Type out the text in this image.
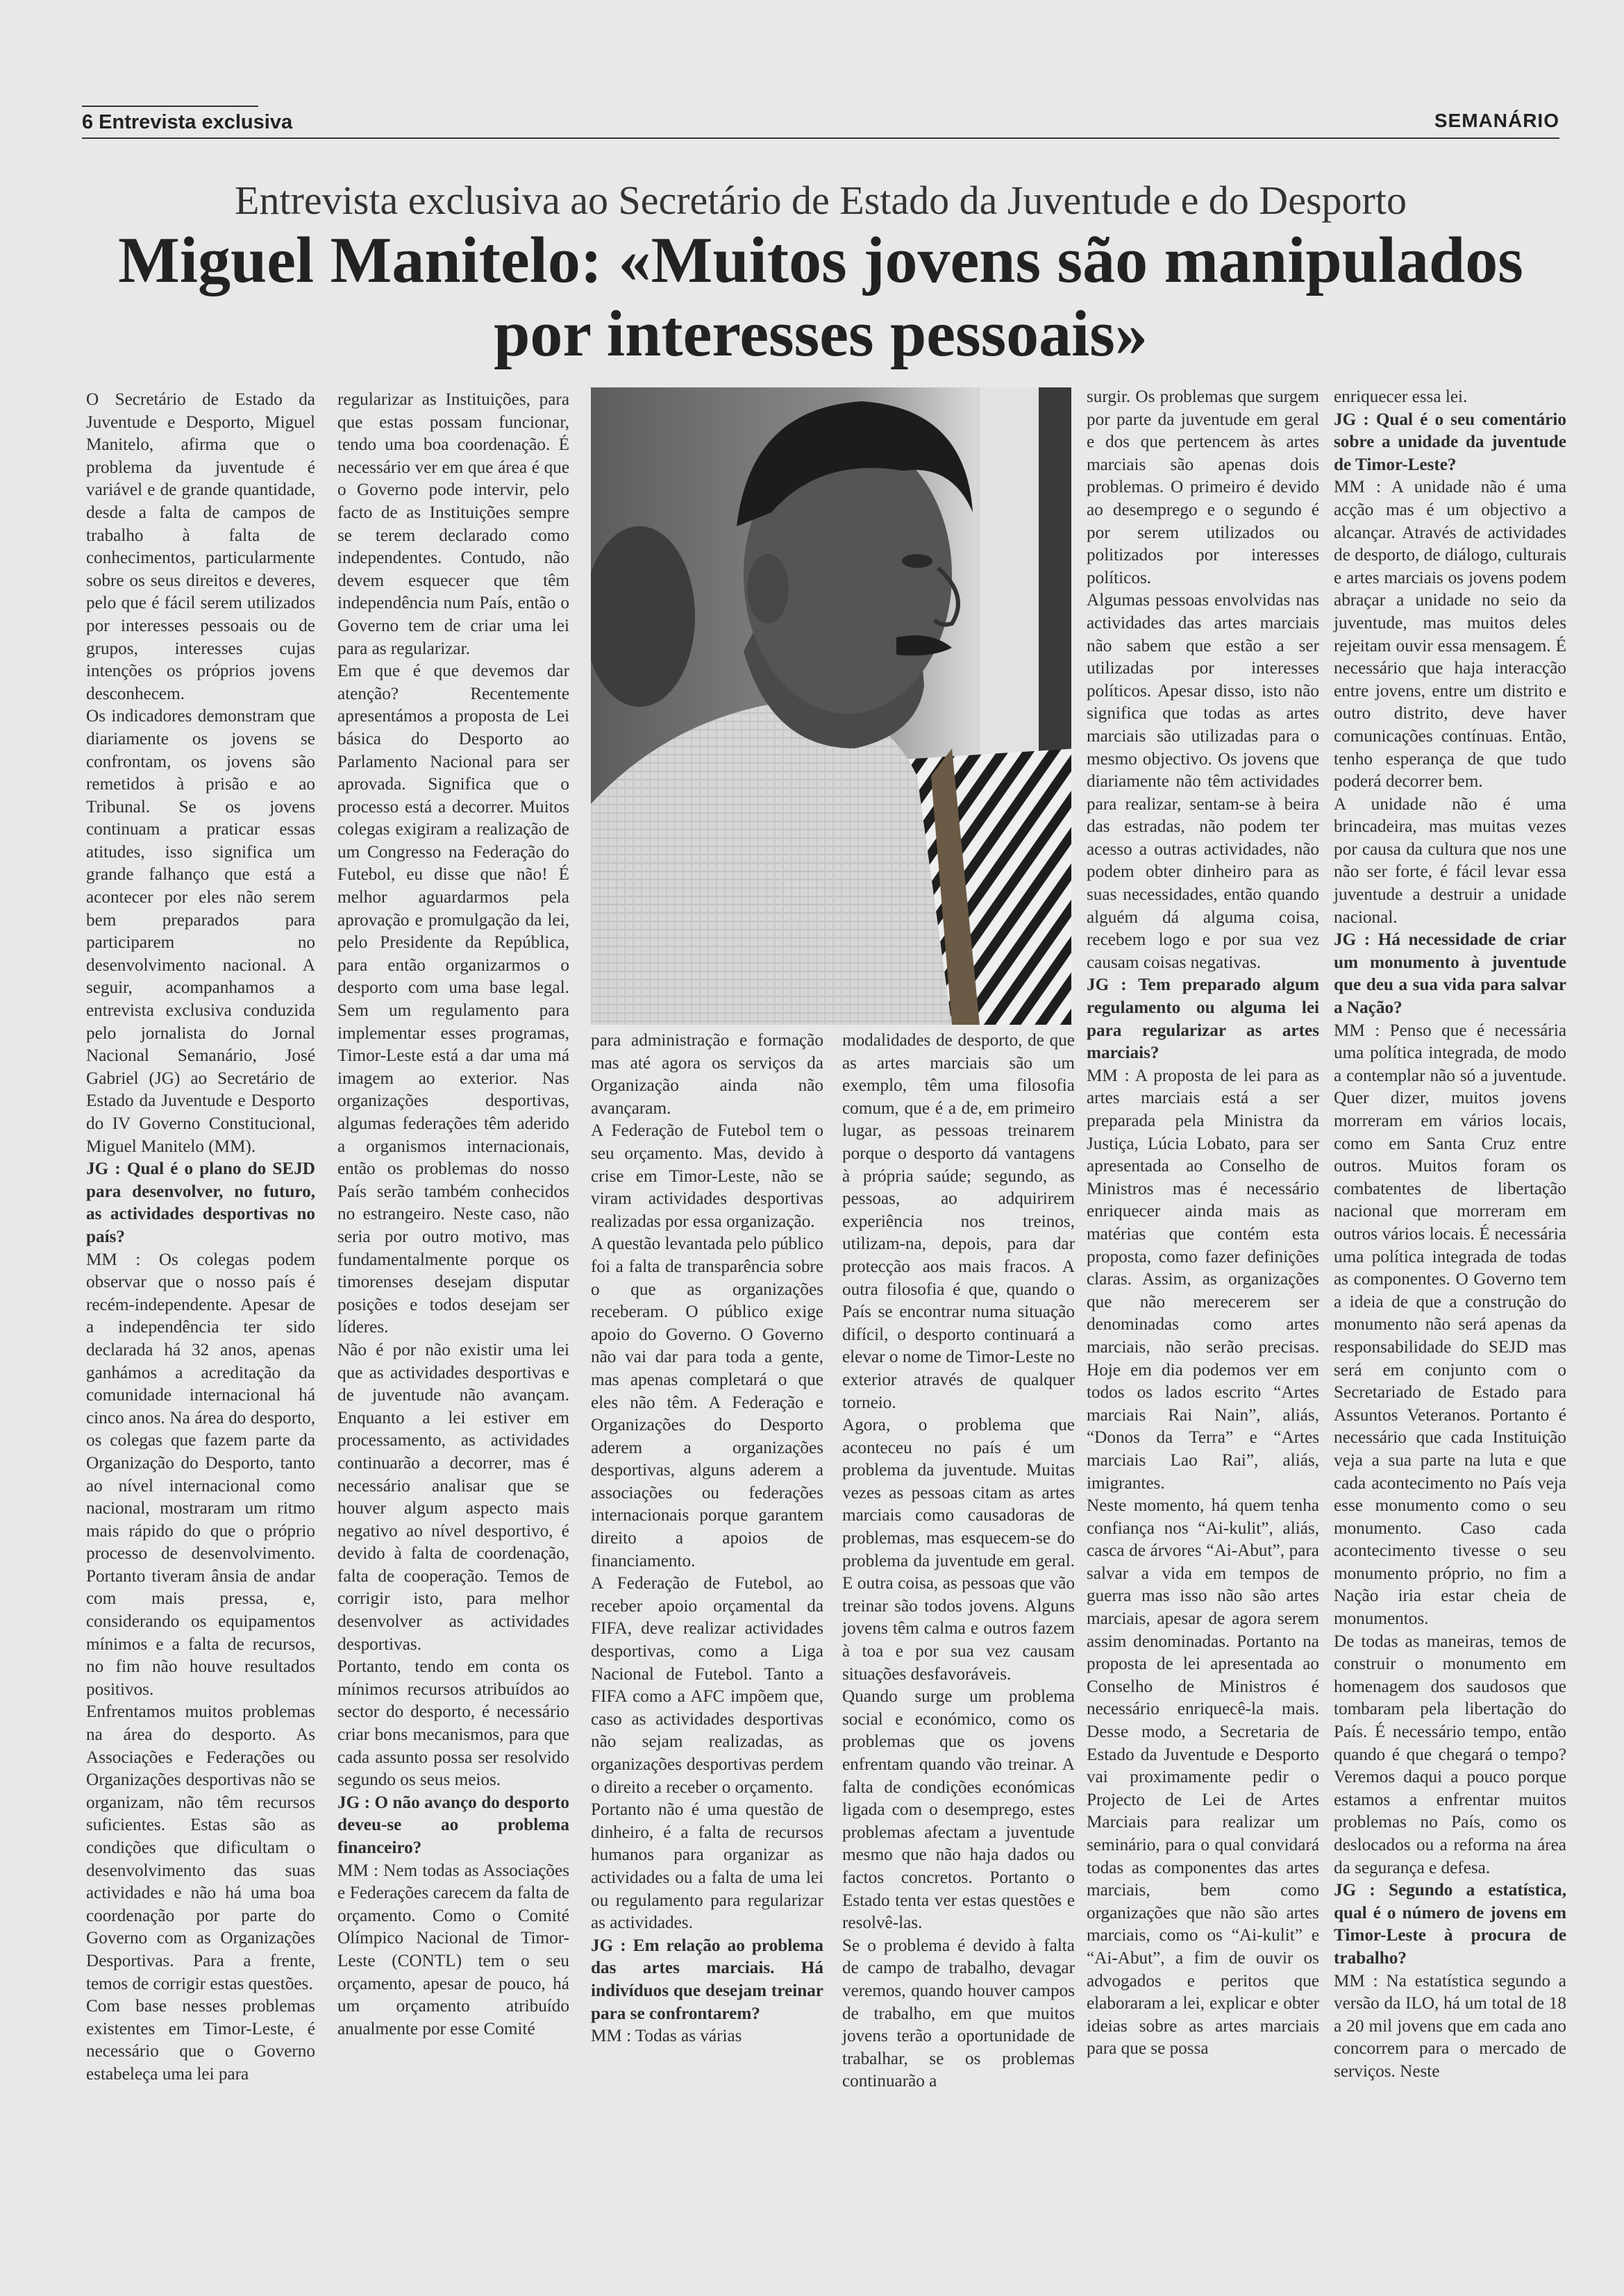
6 Entrevista exclusiva	SEMANÁRIO
Entrevista exclusiva ao Secretário de Estado da Juventude e do Desporto
Miguel Manitelo: «Muitos jovens são manipulados
por interesses pessoais»

O Secretário de Estado da Juventude e Desporto, Miguel Manitelo, afirma que o problema da juventude é variável e de grande quantidade, desde a falta de campos de trabalho à falta de conhecimentos, particularmente sobre os seus direitos e deveres, pelo que é fácil serem utilizados por interesses pessoais ou de grupos, interesses cujas intenções os próprios jovens desconhecem.

Os indicadores demonstram que diariamente os jovens se confrontam, os jovens são remetidos à prisão e ao Tribunal. Se os jovens continuam a praticar essas atitudes, isso significa um grande falhanço que está a acontecer por eles não serem bem preparados para participarem no desenvolvimento nacional. A seguir, acompanhamos a entrevista exclusiva conduzida pelo jornalista do Jornal Nacional Semanário, José Gabriel (JG) ao Secretário de Estado da Juventude e Desporto do IV Governo Constitucional, Miguel Manitelo (MM).

JG : Qual é o plano do SEJD para desenvolver, no futuro, as actividades desportivas no país?

MM : Os colegas podem observar que o nosso país é recém-independente. Apesar de a independência ter sido declarada há 32 anos, apenas ganhámos a acreditação da comunidade internacional há cinco anos. Na área do desporto, os colegas que fazem parte da Organização do Desporto, tanto ao nível internacional como nacional, mostraram um ritmo mais rápido do que o próprio processo de desenvolvimento. Portanto tiveram ânsia de andar com mais pressa, e, considerando os equipamentos mínimos e a falta de recursos, no fim não houve resultados positivos.

Enfrentamos muitos problemas na área do desporto. As Associações e Federações ou Organizações desportivas não se organizam, não têm recursos suficientes. Estas são as condições que dificultam o desenvolvimento das suas actividades e não há uma boa coordenação por parte do Governo com as Organizações Desportivas. Para a frente, temos de corrigir estas questões.

Com base nesses problemas existentes em Timor-Leste, é necessário que o Governo estabeleça uma lei para

regularizar as Instituições, para que estas possam funcionar, tendo uma boa coordenação. É necessário ver em que área é que o Governo pode intervir, pelo facto de as Instituições sempre se terem declarado como independentes. Contudo, não devem esquecer que têm independência num País, então o Governo tem de criar uma lei para as regularizar.

Em que é que devemos dar atenção? Recentemente apresentámos a proposta de Lei básica do Desporto ao Parlamento Nacional para ser aprovada. Significa que o processo está a decorrer. Muitos colegas exigiram a realização de um Congresso na Federação do Futebol, eu disse que não! É melhor aguardarmos pela aprovação e promulgação da lei, pelo Presidente da República, para então organizarmos o desporto com uma base legal. Sem um regulamento para implementar esses programas, Timor-Leste está a dar uma má imagem ao exterior. Nas organizações desportivas, algumas federações têm aderido a organismos internacionais, então os problemas do nosso País serão também conhecidos no estrangeiro. Neste caso, não seria por outro motivo, mas fundamentalmente porque os timorenses desejam disputar posições e todos desejam ser líderes.

Não é por não existir uma lei que as actividades desportivas e de juventude não avançam. Enquanto a lei estiver em processamento, as actividades continuarão a decorrer, mas é necessário analisar que se houver algum aspecto mais negativo ao nível desportivo, é devido à falta de coordenação, falta de cooperação. Temos de corrigir isto, para melhor desenvolver as actividades desportivas.

Portanto, tendo em conta os mínimos recursos atribuídos ao sector do desporto, é necessário criar bons mecanismos, para que cada assunto possa ser resolvido segundo os seus meios.

JG : O não avanço do desporto deveu-se ao problema financeiro?

MM : Nem todas as Associações e Federações carecem da falta de orçamento. Como o Comité Olímpico Nacional de Timor-Leste (CONTL) tem o seu orçamento, apesar de pouco, há um orçamento atribuído anualmente por esse Comité

para administração e formação mas até agora os serviços da Organização ainda não avançaram.

A Federação de Futebol tem o seu orçamento. Mas, devido à crise em Timor-Leste, não se viram actividades desportivas realizadas por essa organização.

A questão levantada pelo público foi a falta de transparência sobre o que as organizações receberam. O público exige apoio do Governo. O Governo não vai dar para toda a gente, mas apenas completará o que eles não têm. A Federação e Organizações do Desporto aderem a organizações desportivas, alguns aderem a associações ou federações internacionais porque garantem direito a apoios de financiamento.

A Federação de Futebol, ao receber apoio orçamental da FIFA, deve realizar actividades desportivas, como a Liga Nacional de Futebol. Tanto a FIFA como a AFC impõem que, caso as actividades desportivas não sejam realizadas, as organizações desportivas perdem o direito a receber o orçamento.

Portanto não é uma questão de dinheiro, é a falta de recursos humanos para organizar as actividades ou a falta de uma lei ou regulamento para regularizar as actividades.

JG : Em relação ao problema das artes marciais. Há indivíduos que desejam treinar para se confrontarem?

MM : Todas as várias

modalidades de desporto, de que as artes marciais são um exemplo, têm uma filosofia comum, que é a de, em primeiro lugar, as pessoas treinarem porque o desporto dá vantagens à própria saúde; segundo, as pessoas, ao adquirirem experiência nos treinos, utilizam-na, depois, para dar protecção aos mais fracos. A outra filosofia é que, quando o País se encontrar numa situação difícil, o desporto continuará a elevar o nome de Timor-Leste no exterior através de qualquer torneio.

Agora, o problema que aconteceu no país é um problema da juventude. Muitas vezes as pessoas citam as artes marciais como causadoras de problemas, mas esquecem-se do problema da juventude em geral. E outra coisa, as pessoas que vão treinar são todos jovens. Alguns jovens têm calma e outros fazem à toa e por sua vez causam situações desfavoráveis.

Quando surge um problema social e económico, como os problemas que os jovens enfrentam quando vão treinar. A falta de condições económicas ligada com o desemprego, estes problemas afectam a juventude mesmo que não haja dados ou factos concretos. Portanto o Estado tenta ver estas questões e resolvê-las.

Se o problema é devido à falta de campo de trabalho, devagar veremos, quando houver campos de trabalho, em que muitos jovens terão a oportunidade de trabalhar, se os problemas continuarão a

surgir. Os problemas que surgem por parte da juventude em geral e dos que pertencem às artes marciais são apenas dois problemas. O primeiro é devido ao desemprego e o segundo é por serem utilizados ou politizados por interesses políticos.

Algumas pessoas envolvidas nas actividades das artes marciais não sabem que estão a ser utilizadas por interesses políticos. Apesar disso, isto não significa que todas as artes marciais são utilizadas para o mesmo objectivo. Os jovens que diariamente não têm actividades para realizar, sentam-se à beira das estradas, não podem ter acesso a outras actividades, não podem obter dinheiro para as suas necessidades, então quando alguém dá alguma coisa, recebem logo e por sua vez causam coisas negativas.

JG : Tem preparado algum regulamento ou alguma lei para regularizar as artes marciais?

MM : A proposta de lei para as artes marciais está a ser preparada pela Ministra da Justiça, Lúcia Lobato, para ser apresentada ao Conselho de Ministros mas é necessário enriquecer ainda mais as matérias que contém esta proposta, como fazer definições claras. Assim, as organizações que não merecerem ser denominadas como artes marciais, não serão precisas. Hoje em dia podemos ver em todos os lados escrito “Artes marciais Rai Nain”, aliás, “Donos da Terra” e “Artes marciais Lao Rai”, aliás, imigrantes.

Neste momento, há quem tenha confiança nos “Ai-kulit”, aliás, casca de árvores “Ai-Abut”, para salvar a vida em tempos de guerra mas isso não são artes marciais, apesar de agora serem assim denominadas. Portanto na proposta de lei apresentada ao Conselho de Ministros é necessário enriquecê-la mais. Desse modo, a Secretaria de Estado da Juventude e Desporto vai proximamente pedir o Projecto de Lei de Artes Marciais para realizar um seminário, para o qual convidará todas as componentes das artes marciais, bem como organizações que não são artes marciais, como os “Ai-kulit” e “Ai-Abut”, a fim de ouvir os advogados e peritos que elaboraram a lei, explicar e obter ideias sobre as artes marciais para que se possa

enriquecer essa lei.

JG : Qual é o seu comentário sobre a unidade da juventude de Timor-Leste?

MM : A unidade não é uma acção mas é um objectivo a alcançar. Através de actividades de desporto, de diálogo, culturais e artes marciais os jovens podem abraçar a unidade no seio da juventude, mas muitos deles rejeitam ouvir essa mensagem. É necessário que haja interacção entre jovens, entre um distrito e outro distrito, deve haver comunicações contínuas. Então, tenho esperança de que tudo poderá decorrer bem.

A unidade não é uma brincadeira, mas muitas vezes por causa da cultura que nos une não ser forte, é fácil levar essa juventude a destruir a unidade nacional.

JG : Há necessidade de criar um monumento à juventude que deu a sua vida para salvar a Nação?

MM : Penso que é necessária uma política integrada, de modo a contemplar não só a juventude. Quer dizer, muitos jovens morreram em vários locais, como em Santa Cruz entre outros. Muitos foram os combatentes de libertação nacional que morreram em outros vários locais. É necessária uma política integrada de todas as componentes. O Governo tem a ideia de que a construção do monumento não será apenas da responsabilidade do SEJD mas será em conjunto com o Secretariado de Estado para Assuntos Veteranos. Portanto é necessário que cada Instituição veja a sua parte na luta e que cada acontecimento no País veja esse monumento como o seu monumento. Caso cada acontecimento tivesse o seu monumento próprio, no fim a Nação iria estar cheia de monumentos.

De todas as maneiras, temos de construir o monumento em homenagem dos saudosos que tombaram pela libertação do País. É necessário tempo, então quando é que chegará o tempo? Veremos daqui a pouco porque estamos a enfrentar muitos problemas no País, como os deslocados ou a reforma na área da segurança e defesa.

JG : Segundo a estatística, qual é o número de jovens em Timor-Leste à procura de trabalho?

MM : Na estatística segundo a versão da ILO, há um total de 18 a 20 mil jovens que em cada ano concorrem para o mercado de serviços. Neste
